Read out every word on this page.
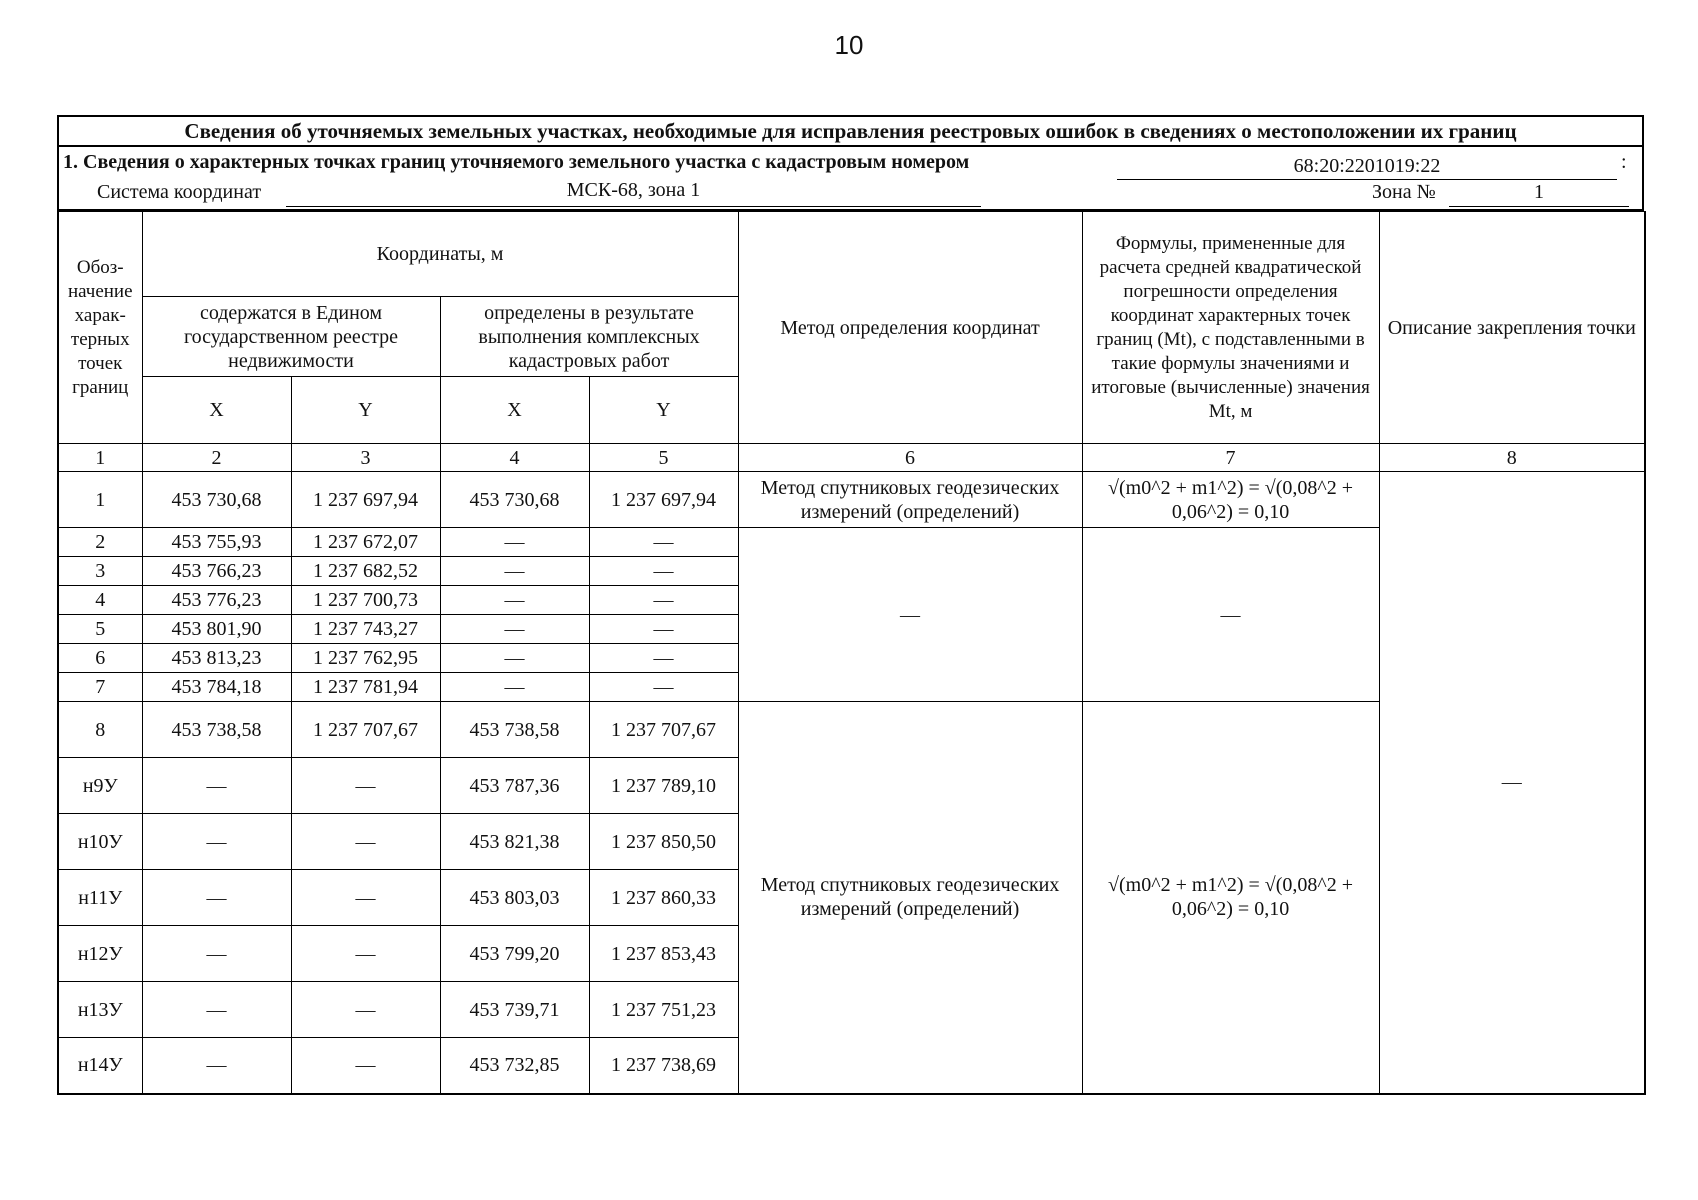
10
Сведения об уточняемых земельных участках, необходимые для исправления реестровых ошибок в сведениях о местоположении их границ
1. Сведения о характерных точках границ уточняемого земельного участка с кадастровым номером	68:20:2201019:22	:
Система координат	МСК-68, зона 1	Зона №	1
Обоз-начение харак-терных точек границ	Координаты, м				Метод определения координат	Формулы, примененные для расчета средней квадратической погрешности определения координат характерных точек границ (Mt), с подставленными в такие формулы значениями и итоговые (вычисленные) значения Mt, м	Описание закрепления точки
	содержатся в Едином государственном реестре недвижимости		определены в результате выполнения комплексных кадастровых работ				
	X	Y	X	Y			
1	2	3	4	5	6	7	8
1	453 730,68	1 237 697,94	453 730,68	1 237 697,94	Метод спутниковых геодезических измерений (определений)	√(m0^2 + m1^2) = √(0,08^2 + 0,06^2) = 0,10	—
2	453 755,93	1 237 672,07	—	—	—	—	
3	453 766,23	1 237 682,52	—	—			
4	453 776,23	1 237 700,73	—	—			
5	453 801,90	1 237 743,27	—	—			
6	453 813,23	1 237 762,95	—	—			
7	453 784,18	1 237 781,94	—	—			
8	453 738,58	1 237 707,67	453 738,58	1 237 707,67	Метод спутниковых геодезических измерений (определений)	√(m0^2 + m1^2) = √(0,08^2 + 0,06^2) = 0,10	
н9У	—	—	453 787,36	1 237 789,10			
н10У	—	—	453 821,38	1 237 850,50			
н11У	—	—	453 803,03	1 237 860,33			
н12У	—	—	453 799,20	1 237 853,43			
н13У	—	—	453 739,71	1 237 751,23			
н14У	—	—	453 732,85	1 237 738,69			
